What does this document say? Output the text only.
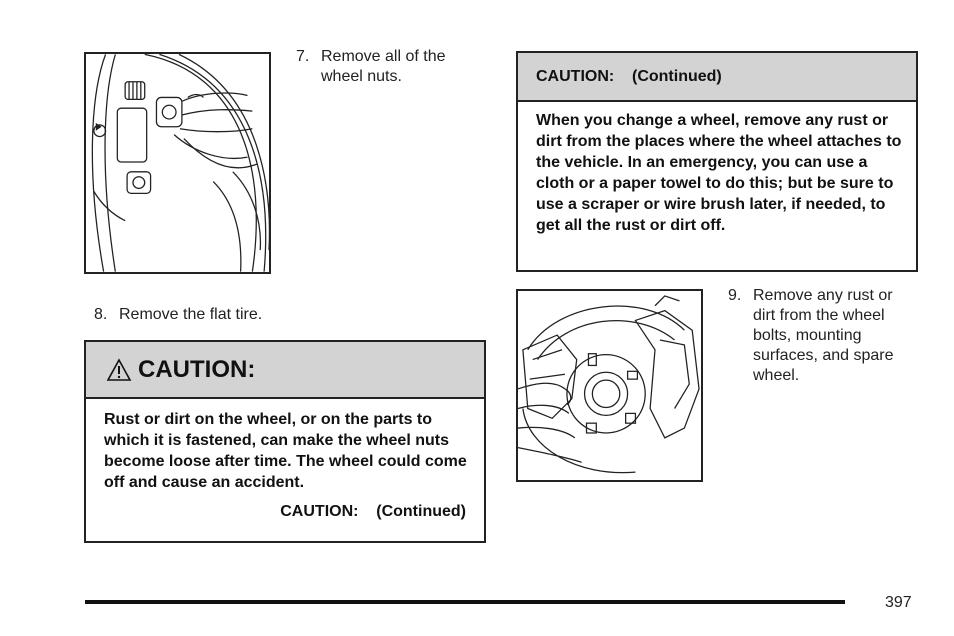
7. Remove all of the wheel nuts.
8. Remove the flat tire.
CAUTION:
Rust or dirt on the wheel, or on the parts to which it is fastened, can make the wheel nuts become loose after time. The wheel could come off and cause an accident.
CAUTION:    (Continued)
CAUTION:    (Continued)
When you change a wheel, remove any rust or dirt from the places where the wheel attaches to the vehicle. In an emergency, you can use a cloth or a paper towel to do this; but be sure to use a scraper or wire brush later, if needed, to get all the rust or dirt off.
9. Remove any rust or dirt from the wheel bolts, mounting surfaces, and spare wheel.
397
